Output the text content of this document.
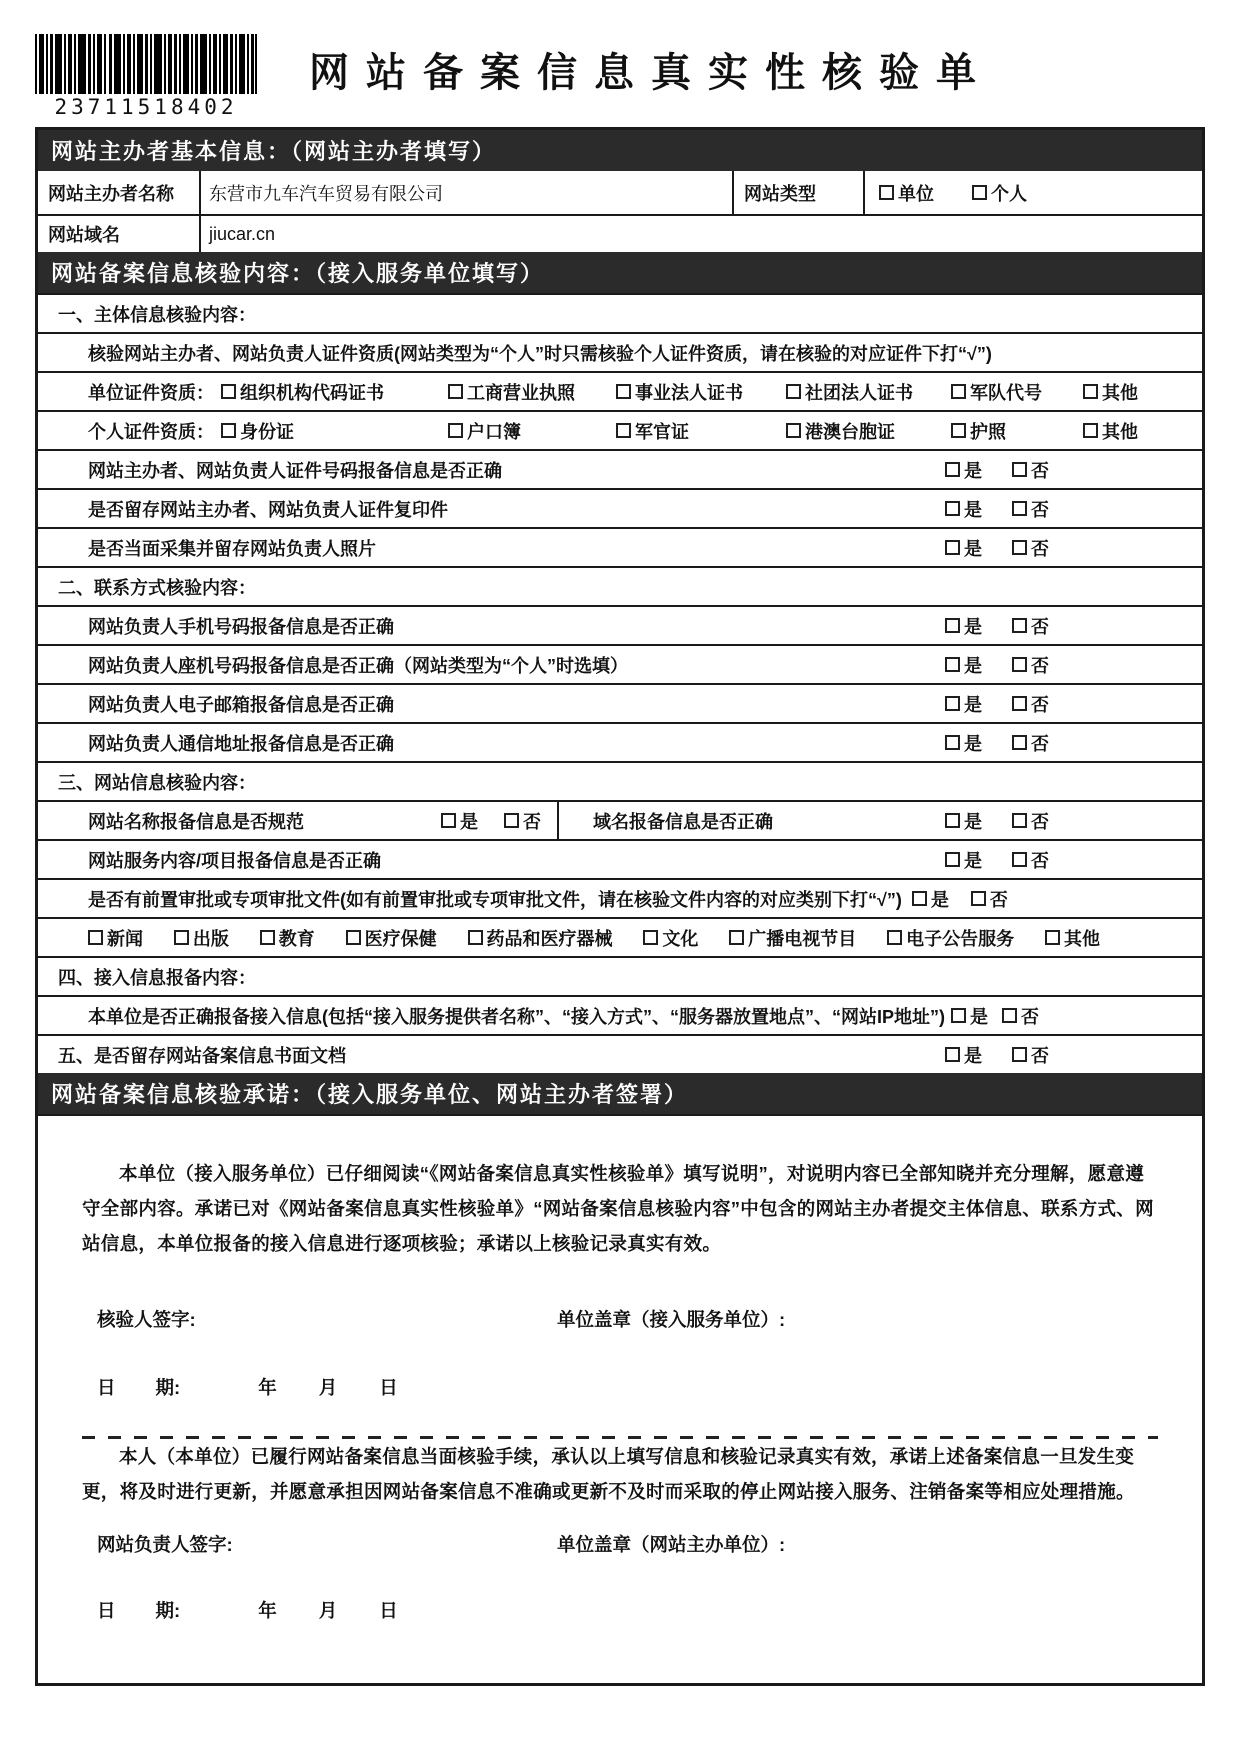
23711518402
网站备案信息真实性核验单
网站主办者基本信息：（网站主办者填写）
网站主办者名称	东营市九车汽车贸易有限公司	网站类型	单位	个人
网站域名	jiucar.cn
网站备案信息核验内容：（接入服务单位填写）
一、主体信息核验内容：
核验网站主办者、网站负责人证件资质(网站类型为“个人”时只需核验个人证件资质，请在核验的对应证件下打“√”)
单位证件资质：	组织机构代码证书	工商营业执照	事业法人证书	社团法人证书	军队代号	其他
个人证件资质：	身份证	户口簿	军官证	港澳台胞证	护照	其他
网站主办者、网站负责人证件号码报备信息是否正确	是	否
是否留存网站主办者、网站负责人证件复印件	是	否
是否当面采集并留存网站负责人照片	是	否
二、联系方式核验内容：
网站负责人手机号码报备信息是否正确	是	否
网站负责人座机号码报备信息是否正确（网站类型为“个人”时选填）	是	否
网站负责人电子邮箱报备信息是否正确	是	否
网站负责人通信地址报备信息是否正确	是	否
三、网站信息核验内容：
网站名称报备信息是否规范	是	否	域名报备信息是否正确	是	否
网站服务内容/项目报备信息是否正确	是	否
是否有前置审批或专项审批文件(如有前置审批或专项审批文件，请在核验文件内容的对应类别下打“√”) 是 否
新闻	出版	教育	医疗保健	药品和医疗器械	文化	广播电视节目	电子公告服务	其他
四、接入信息报备内容：
本单位是否正确报备接入信息(包括“接入服务提供者名称”、“接入方式”、“服务器放置地点”、“网站IP地址”) 是 否
五、是否留存网站备案信息书面文档	是	否
网站备案信息核验承诺：（接入服务单位、网站主办者签署）

本单位（接入服务单位）已仔细阅读“《网站备案信息真实性核验单》填写说明”，对说明内容已全部知晓并充分理解，愿意遵守全部内容。承诺已对《网站备案信息真实性核验单》“网站备案信息核验内容”中包含的网站主办者提交主体信息、联系方式、网站信息，本单位报备的接入信息进行逐项核验；承诺以上核验记录真实有效。

核验人签字:	单位盖章（接入服务单位）:
日 期:	年 月 日

本人（本单位）已履行网站备案信息当面核验手续，承认以上填写信息和核验记录真实有效，承诺上述备案信息一旦发生变更，将及时进行更新，并愿意承担因网站备案信息不准确或更新不及时而采取的停止网站接入服务、注销备案等相应处理措施。

网站负责人签字:	单位盖章（网站主办单位）:
日 期:	年 月 日
